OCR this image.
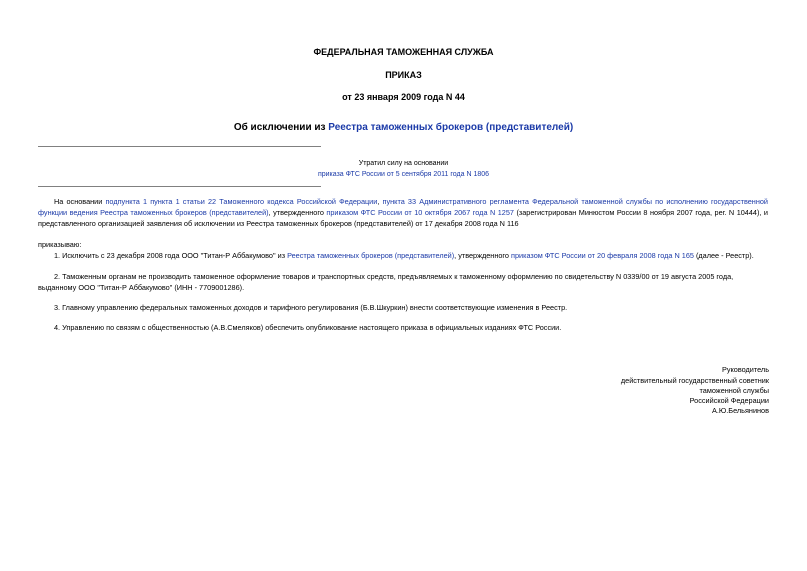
ФЕДЕРАЛЬНАЯ ТАМОЖЕННАЯ СЛУЖБА
ПРИКАЗ
от 23 января 2009 года N 44
Об исключении из Реестра таможенных брокеров (представителей)
Утратил силу на основании
приказа ФТС России от 5 сентября 2011 года N 1806
На основании подпункта 1 пункта 1 статьи 22 Таможенного кодекса Российской Федерации, пункта 33 Административного регламента Федеральной таможенной службы по исполнению государственной функции ведения Реестра таможенных брокеров (представителей), утвержденного приказом ФТС России от 10 октября 2067 года N 1257 (зарегистрирован Минюстом России 8 ноября 2007 года, рег. N 10444), и представленного организацией заявления об исключении из Реестра таможенных брокеров (представителей) от 17 декабря 2008 года N 116
приказываю:
1. Исключить с 23 декабря 2008 года ООО "Титан-Р Аббакумово" из Реестра таможенных брокеров (представителей), утвержденного приказом ФТС России от 20 февраля 2008 года N 165 (далее - Реестр).
2. Таможенным органам не производить таможенное оформление товаров и транспортных средств, предъявляемых к таможенному оформлению по свидетельству N 0339/00 от 19 августа 2005 года, выданному ООО "Титан-Р Аббакумово" (ИНН - 7709001286).
3. Главному управлению федеральных таможенных доходов и тарифного регулирования (Б.В.Шкуркин) внести соответствующие изменения в Реестр.
4. Управлению по связям с общественностью (А.В.Смеляков) обеспечить опубликование настоящего приказа в официальных изданиях ФТС России.
Руководитель
действительный государственный советник
таможенной службы
Российской Федерации
А.Ю.Бельянинов
